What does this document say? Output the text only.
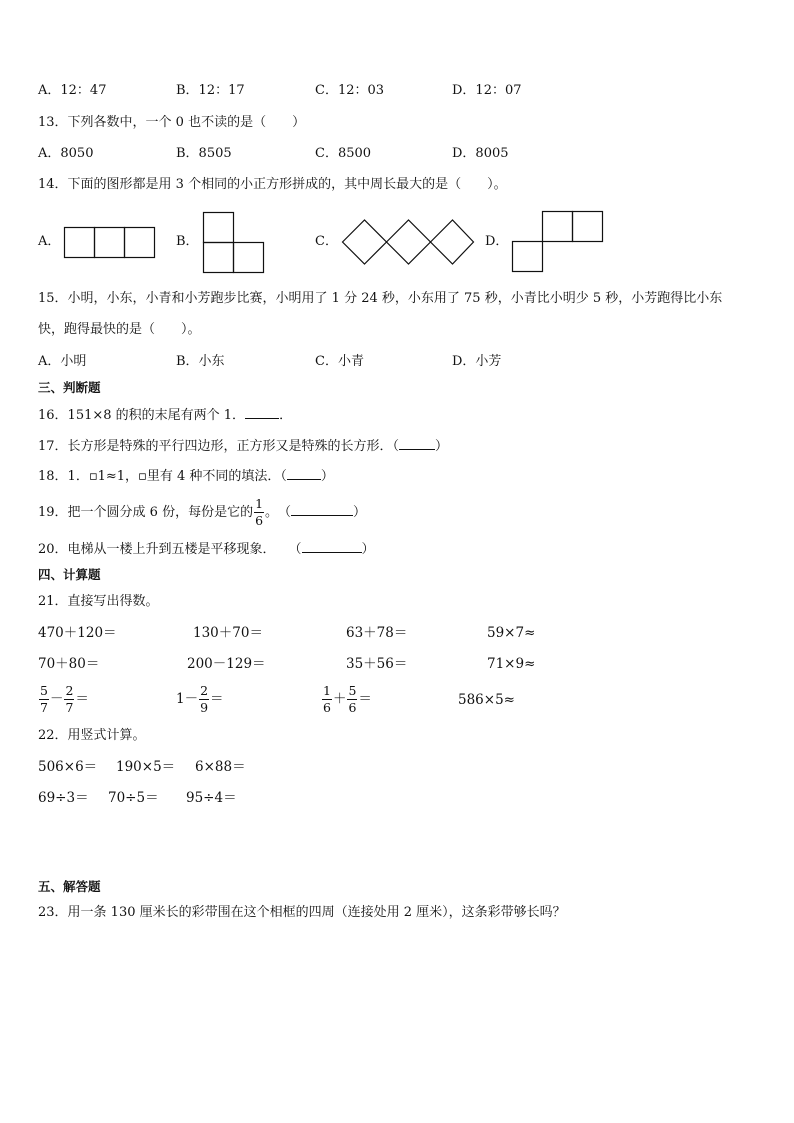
A．12：47	B．12：17	C．12：03	D．12：07
13．下列各数中，一个 0 也不读的是（　　）
A．8050	B．8505	C．8500	D．8005
14．下面的图形都是用 3 个相同的小正方形拼成的，其中周长最大的是（　　）。
A．	B．	C．	D．
15．小明，小东，小青和小芳跑步比赛，小明用了 1 分 24 秒，小东用了 75 秒，小青比小明少 5 秒，小芳跑得比小东
快，跑得最快的是（　　）。
A．小明	B．小东	C．小青	D．小芳
三、判断题
16．151×8 的积的末尾有两个 1．	．
17．长方形是特殊的平行四边形，正方形又是特殊的长方形．（	）
18．1．▫1≈1，▫里有 4 种不同的填法．（	）
19．把一个圆分成 6 份，每份是它的 $\frac{1}{6}$ 。　（	）
20．电梯从一楼上升到五楼是平移现象．　　（	）
四、计算题
21．直接写出得数。
470＋120＝	130＋70＝	63＋78＝	59×7≈
70＋80＝	200－129＝	35＋56＝	71×9≈
$\frac{5}{7} - \frac{2}{7}$ ＝	$1- \frac{2}{9}$ ＝	$\frac{1}{6} + \frac{5}{6}$ ＝	586×5≈
22．用竖式计算。
506×6＝ 190×5＝ 6×88＝
69÷3＝ 70÷5＝ 95÷4＝
五、解答题
23．用一条 130 厘米长的彩带围在这个相框的四周（连接处用 2 厘米），这条彩带够长吗？
